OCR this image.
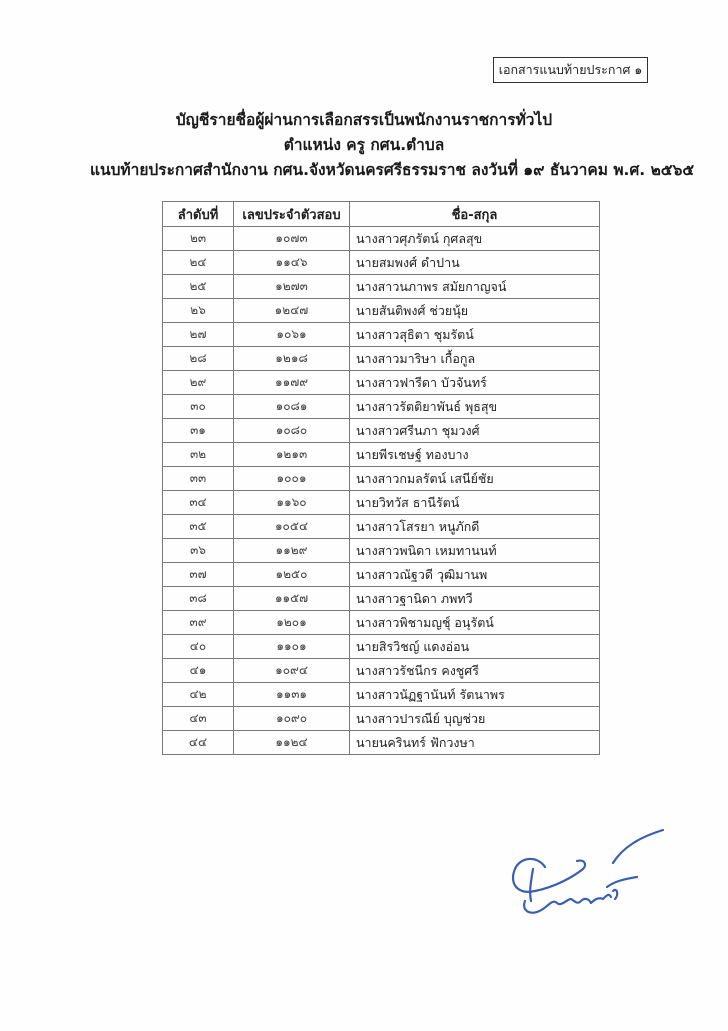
เอกสารแนบท้ายประกาศ ๑
บัญชีรายชื่อผู้ผ่านการเลือกสรรเป็นพนักงานราชการทั่วไป
ตำแหน่ง ครู กศน.ตำบล
แนบท้ายประกาศสำนักงาน กศน.จังหวัดนครศรีธรรมราช ลงวันที่ ๑๙ ธันวาคม พ.ศ. ๒๕๖๕
ลำดับที่	เลขประจำตัวสอบ	ชื่อ-สกุล
๒๓	๑๐๗๓	นางสาวศุภรัตน์ กุศลสุข
๒๔	๑๑๔๖	นายสมพงศ์ ดำปาน
๒๕	๑๒๗๓	นางสาวนภาพร สมัยกาญจน์
๒๖	๑๒๔๗	นายสันติพงศ์ ช่วยนุ้ย
๒๗	๑๐๖๑	นางสาวสุธิตา ชุมรัตน์
๒๘	๑๒๑๘	นางสาวมาริษา เกื้อกูล
๒๙	๑๑๗๙	นางสาวฟารีดา บัวจันทร์
๓๐	๑๐๘๑	นางสาวรัตติยาพันธ์ พุธสุข
๓๑	๑๐๘๐	นางสาวศรีนภา ชุมวงศ์
๓๒	๑๒๑๓	นายพีรเชษฐ์ ทองบาง
๓๓	๑๐๐๑	นางสาวกมลรัตน์ เสนีย์ชัย
๓๔	๑๑๖๐	นายวิทวัส ธานีรัตน์
๓๕	๑๐๕๔	นางสาวโสรยา หนูภักดี
๓๖	๑๑๒๙	นางสาวพนิดา เหมทานนท์
๓๗	๑๒๕๐	นางสาวณัฐวดี วุฒิมานพ
๓๘	๑๑๕๗	นางสาวฐานิดา ภพทวี
๓๙	๑๒๐๑	นางสาวพิชามญชุ์ อนุรัตน์
๔๐	๑๑๐๑	นายสิรวิชญ์ แดงอ่อน
๔๑	๑๐๙๔	นางสาวรัชนีกร คงชูศรี
๔๒	๑๑๓๑	นางสาวนัฏฐานันท์ รัตนาพร
๔๓	๑๐๙๐	นางสาวปารณีย์ บุญช่วย
๔๔	๑๑๒๔	นายนครินทร์ ฟักวงษา
